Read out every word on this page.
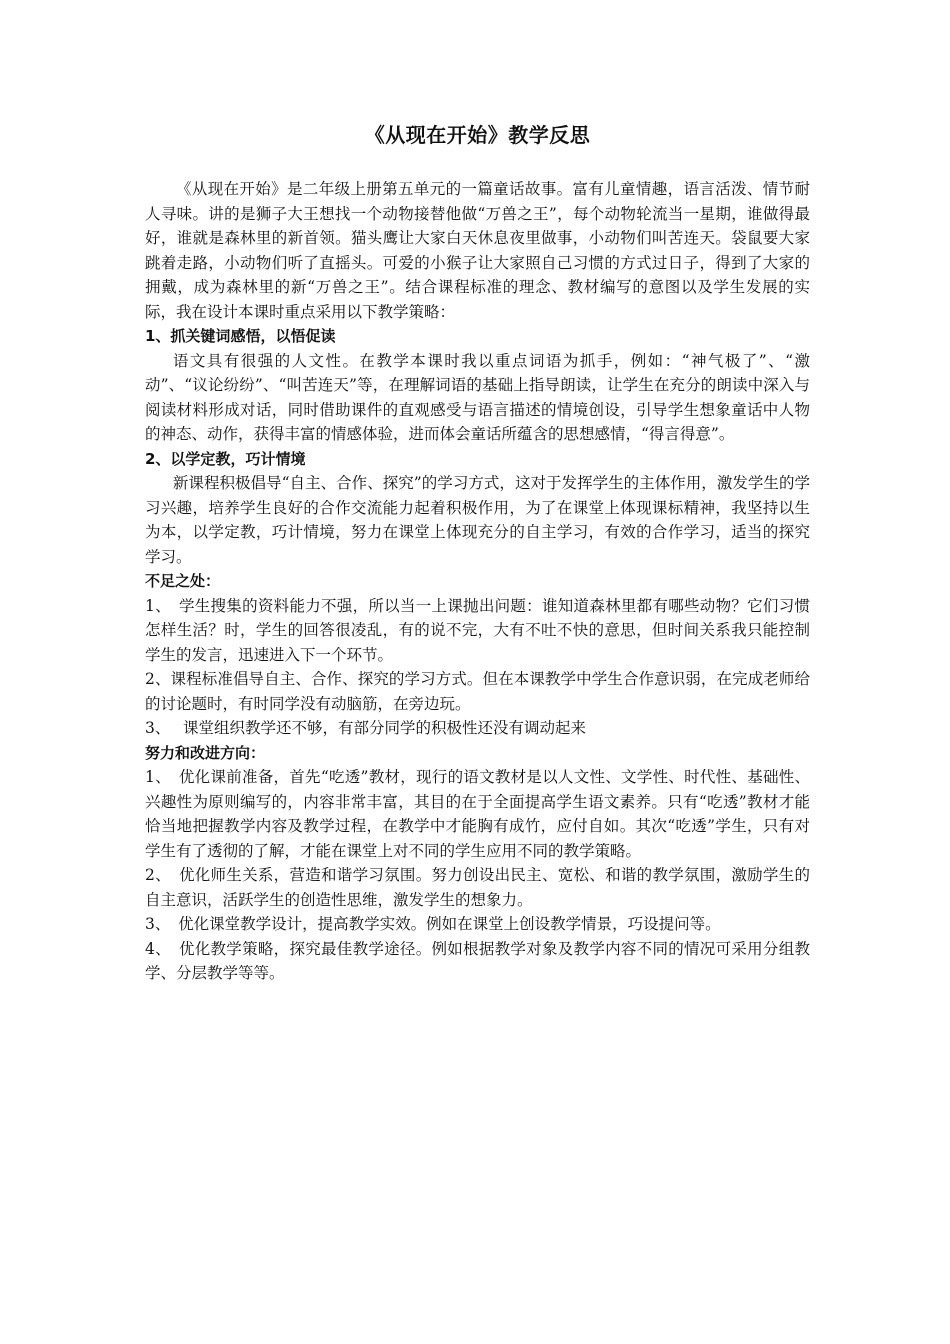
《从现在开始》教学反思

《从现在开始》是二年级上册第五单元的一篇童话故事。富有儿童情趣，语言活泼、情节耐人寻味。讲的是狮子大王想找一个动物接替他做“万兽之王”，每个动物轮流当一星期，谁做得最好，谁就是森林里的新首领。猫头鹰让大家白天休息夜里做事，小动物们叫苦连天。袋鼠要大家跳着走路，小动物们听了直摇头。可爱的小猴子让大家照自己习惯的方式过日子，得到了大家的拥戴，成为森林里的新“万兽之王”。结合课程标准的理念、教材编写的意图以及学生发展的实际，我在设计本课时重点采用以下教学策略：

1、抓关键词感悟，以悟促读

语文具有很强的人文性。在教学本课时我以重点词语为抓手，例如：“神气极了”、“激动”、“议论纷纷”、“叫苦连天”等，在理解词语的基础上指导朗读，让学生在充分的朗读中深入与阅读材料形成对话，同时借助课件的直观感受与语言描述的情境创设，引导学生想象童话中人物的神态、动作，获得丰富的情感体验，进而体会童话所蕴含的思想感情，“得言得意”。

2、以学定教，巧计情境

新课程积极倡导“自主、合作、探究”的学习方式，这对于发挥学生的主体作用，激发学生的学习兴趣，培养学生良好的合作交流能力起着积极作用，为了在课堂上体现课标精神，我坚持以生为本，以学定教，巧计情境，努力在课堂上体现充分的自主学习，有效的合作学习，适当的探究学习。

不足之处：

1、　学生搜集的资料能力不强，所以当一上课抛出问题：谁知道森林里都有哪些动物？它们习惯怎样生活？时，学生的回答很凌乱，有的说不完，大有不吐不快的意思，但时间关系我只能控制学生的发言，迅速进入下一个环节。

2、课程标准倡导自主、合作、探究的学习方式。但在本课教学中学生合作意识弱，在完成老师给的讨论题时，有时同学没有动脑筋，在旁边玩。

3、　 课堂组织教学还不够，有部分同学的积极性还没有调动起来

努力和改进方向：

1、　优化课前准备，首先“吃透”教材，现行的语文教材是以人文性、文学性、时代性、基础性、兴趣性为原则编写的，内容非常丰富，其目的在于全面提高学生语文素养。只有“吃透”教材才能恰当地把握教学内容及教学过程，在教学中才能胸有成竹，应付自如。其次“吃透”学生，只有对学生有了透彻的了解，才能在课堂上对不同的学生应用不同的教学策略。

2、　优化师生关系，营造和谐学习氛围。努力创设出民主、宽松、和谐的教学氛围，激励学生的自主意识，活跃学生的创造性思维，激发学生的想象力。

3、　优化课堂教学设计，提高教学实效。例如在课堂上创设教学情景，巧设提问等。

4、　优化教学策略，探究最佳教学途径。例如根据教学对象及教学内容不同的情况可采用分组教学、分层教学等等。
